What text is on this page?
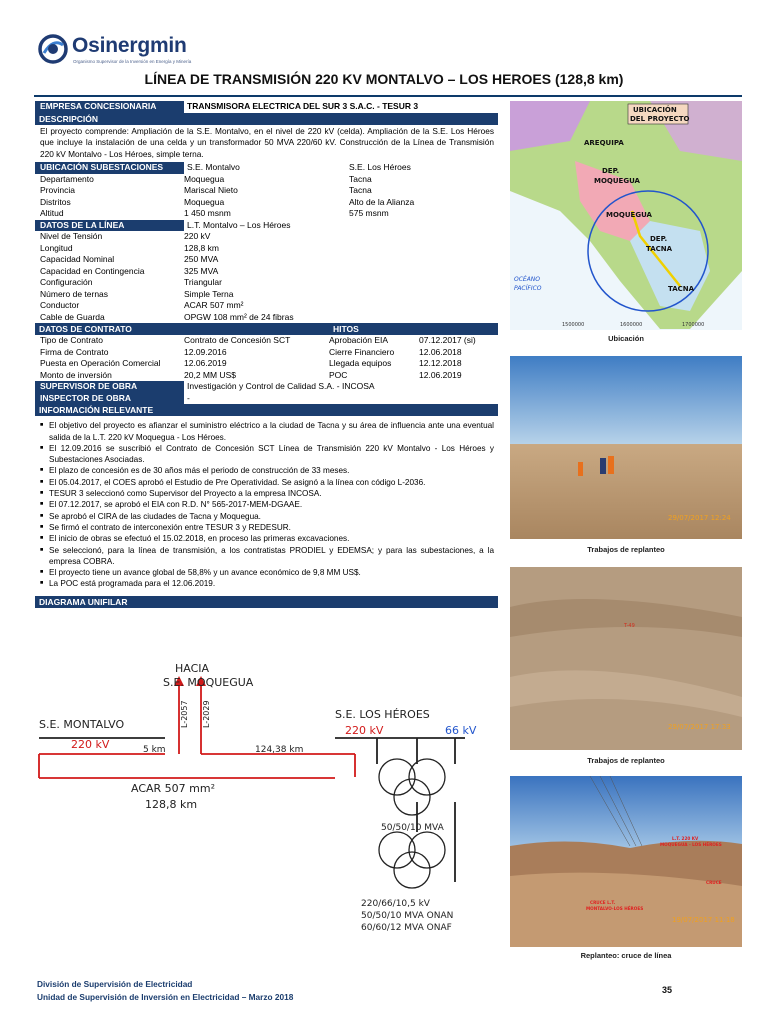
Osinergmin
Organismo Supervisor de la Inversión en Energía y Minería
LÍNEA DE TRANSMISIÓN 220 KV MONTALVO – LOS HEROES (128,8 km)
EMPRESA CONCESIONARIA	TRANSMISORA ELECTRICA DEL SUR 3 S.A.C. - TESUR 3
DESCRIPCIÓN
El proyecto comprende: Ampliación de la S.E. Montalvo, en el nivel de 220 kV (celda). Ampliación de la S.E. Los Héroes que incluye la instalación de una celda y un transformador 50 MVA 220/60 kV. Construcción de la Línea de Transmisión 220 kV Montalvo - Los Héroes, simple terna.
UBICACIÓN SUBESTACIONES	S.E. Montalvo	S.E. Los Héroes
Departamento	Moquegua	Tacna
Provincia	Mariscal Nieto	Tacna
Distritos	Moquegua	Alto de la Alianza
Altitud	1 450 msnm	575 msnm
DATOS DE LA LÍNEA	L.T. Montalvo – Los Héroes
Nivel de Tensión	220 kV
Longitud	128,8 km
Capacidad Nominal	250 MVA
Capacidad en Contingencia	325 MVA
Configuración	Triangular
Número de ternas	Simple Terna
Conductor	ACAR 507 mm²
Cable de Guarda	OPGW 108 mm² de 24 fibras
DATOS DE CONTRATO	HITOS
Tipo de Contrato	Contrato de Concesión SCT	Aprobación EIA	07.12.2017 (si)
Firma de Contrato	12.09.2016	Cierre Financiero	12.06.2018
Puesta en Operación Comercial	12.06.2019	Llegada equipos	12.12.2018
Monto de inversión	20,2 MM US$	POC	12.06.2019
SUPERVISOR DE OBRA	Investigación y Control de Calidad S.A. - INCOSA
INSPECTOR DE OBRA	-
INFORMACIÓN RELEVANTE
■ El objetivo del proyecto es afianzar el suministro eléctrico a la ciudad de Tacna y su área de influencia ante una eventual salida de la L.T. 220 kV Moquegua - Los Héroes.
■ El 12.09.2016 se suscribió el Contrato de Concesión SCT Línea de Transmisión 220 kV Montalvo - Los Héroes y Subestaciones Asociadas.
■ El plazo de concesión es de 30 años más el periodo de construcción de 33 meses.
■ El 05.04.2017, el COES aprobó el Estudio de Pre Operatividad. Se asignó a la línea con código L-2036.
■ TESUR 3 seleccionó como Supervisor del Proyecto a la empresa INCOSA.
■ El 07.12.2017, se aprobó el EIA con R.D. N° 565-2017-MEM-DGAAE.
■ Se aprobó el CIRA de las ciudades de Tacna y Moquegua.
■ Se firmó el contrato de interconexión entre TESUR 3 y REDESUR.
■ El inicio de obras se efectuó el 15.02.2018, en proceso las primeras excavaciones.
■ Se seleccionó, para la línea de transmisión, a los contratistas PRODIEL y EDEMSA; y para las subestaciones, a la empresa COBRA.
■ El proyecto tiene un avance global de 58,8% y un avance económico de 9,8 MM US$.
■ La POC está programada para el 12.06.2019.
DIAGRAMA UNIFILAR
HACIA
S.E. MOQUEGUA
S.E. MONTALVO
220 kV	5 km	124,38 km
S.E. LOS HÉROES
220 kV	66 kV
ACAR 507 mm²
128,8 km
50/50/10 MVA
220/66/10,5 kV
50/50/10 MVA ONAN
60/60/12 MVA ONAF
L-2057 L-2029
UBICACIÓN
DEL PROYECTO
AREQUIPA
DEP.
MOQUEGUA
MOQUEGUA
DEP.
TACNA
TACNA
OCÉANO
PACÍFICO
1500000	1600000	1700000
Ubicación
29/07/2017 12:24
Trabajos de replanteo
T-49
29/07/2017 17:33
Trabajos de replanteo
L.T. 220 KV
MOQUEGUA - LOS HÉROES
CRUCE L.T.
MONTALVO-LOS HÉROES
CRUCE
19/07/2017 11:18
Replanteo: cruce de línea
División de Supervisión de Electricidad
Unidad de Supervisión de Inversión en Electricidad – Marzo 2018
35
